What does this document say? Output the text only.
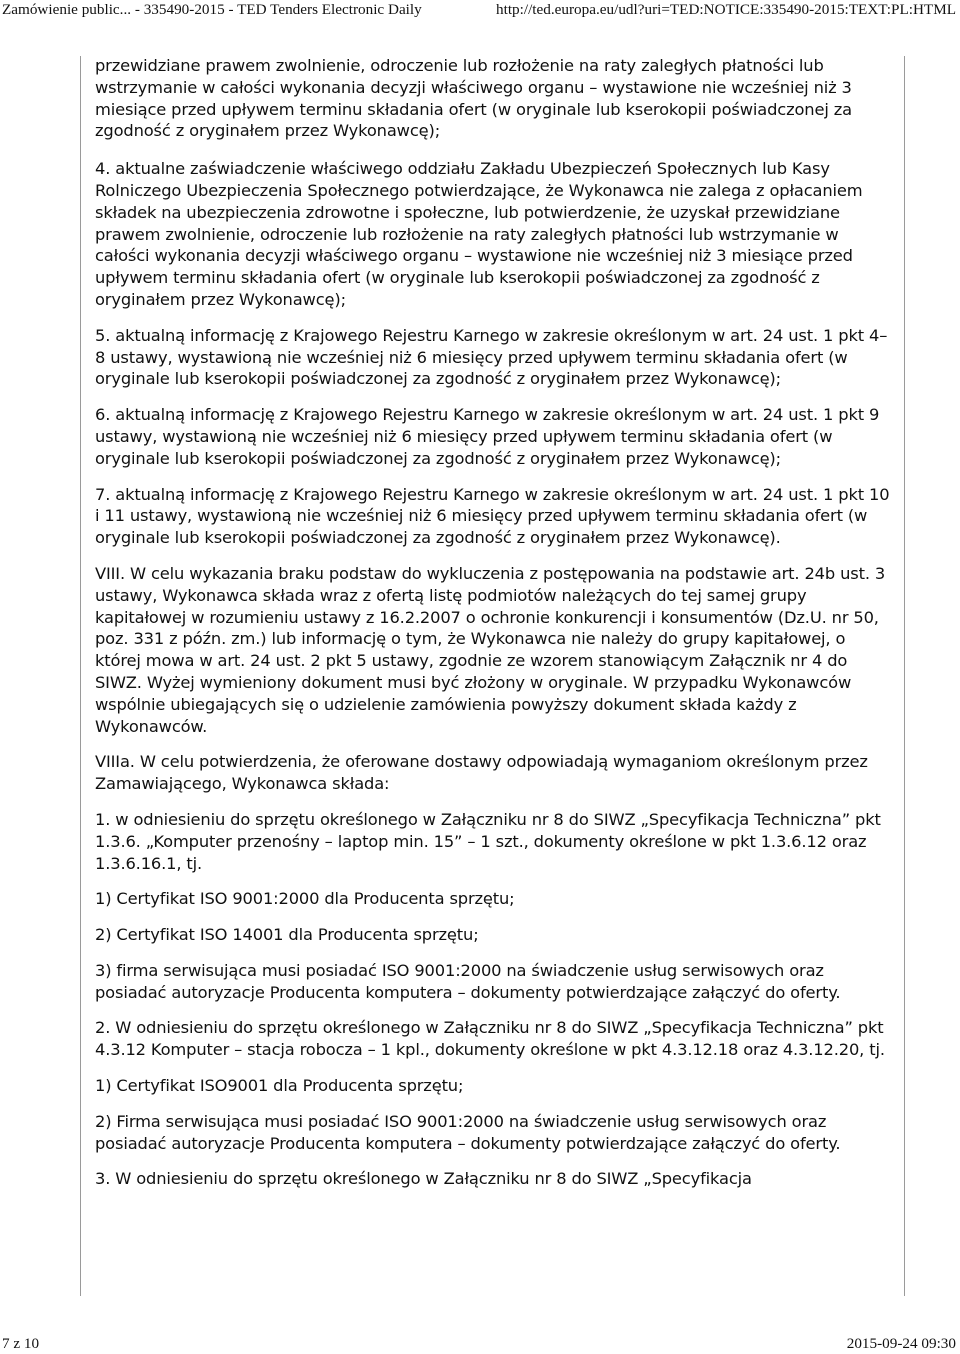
Zamówienie public... - 335490-2015 - TED Tenders Electronic Daily	http://ted.europa.eu/udl?uri=TED:NOTICE:335490-2015:TEXT:PL:HTML

przewidziane prawem zwolnienie, odroczenie lub rozłożenie na raty zaległych płatności lub wstrzymanie w całości wykonania decyzji właściwego organu – wystawione nie wcześniej niż 3 miesiące przed upływem terminu składania ofert (w oryginale lub kserokopii poświadczonej za zgodność z oryginałem przez Wykonawcę);

4. aktualne zaświadczenie właściwego oddziału Zakładu Ubezpieczeń Społecznych lub Kasy Rolniczego Ubezpieczenia Społecznego potwierdzające, że Wykonawca nie zalega z opłacaniem składek na ubezpieczenia zdrowotne i społeczne, lub potwierdzenie, że uzyskał przewidziane prawem zwolnienie, odroczenie lub rozłożenie na raty zaległych płatności lub wstrzymanie w całości wykonania decyzji właściwego organu – wystawione nie wcześniej niż 3 miesiące przed upływem terminu składania ofert (w oryginale lub kserokopii poświadczonej za zgodność z oryginałem przez Wykonawcę);

5. aktualną informację z Krajowego Rejestru Karnego w zakresie określonym w art. 24 ust. 1 pkt 4–8 ustawy, wystawioną nie wcześniej niż 6 miesięcy przed upływem terminu składania ofert (w oryginale lub kserokopii poświadczonej za zgodność z oryginałem przez Wykonawcę);

6. aktualną informację z Krajowego Rejestru Karnego w zakresie określonym w art. 24 ust. 1 pkt 9 ustawy, wystawioną nie wcześniej niż 6 miesięcy przed upływem terminu składania ofert (w oryginale lub kserokopii poświadczonej za zgodność z oryginałem przez Wykonawcę);

7. aktualną informację z Krajowego Rejestru Karnego w zakresie określonym w art. 24 ust. 1 pkt 10 i 11 ustawy, wystawioną nie wcześniej niż 6 miesięcy przed upływem terminu składania ofert (w oryginale lub kserokopii poświadczonej za zgodność z oryginałem przez Wykonawcę).

VIII. W celu wykazania braku podstaw do wykluczenia z postępowania na podstawie art. 24b ust. 3 ustawy, Wykonawca składa wraz z ofertą listę podmiotów należących do tej samej grupy kapitałowej w rozumieniu ustawy z 16.2.2007 o ochronie konkurencji i konsumentów (Dz.U. nr 50, poz. 331 z późn. zm.) lub informację o tym, że Wykonawca nie należy do grupy kapitałowej, o której mowa w art. 24 ust. 2 pkt 5 ustawy, zgodnie ze wzorem stanowiącym Załącznik nr 4 do SIWZ. Wyżej wymieniony dokument musi być złożony w oryginale. W przypadku Wykonawców wspólnie ubiegających się o udzielenie zamówienia powyższy dokument składa każdy z Wykonawców.

VIIIa. W celu potwierdzenia, że oferowane dostawy odpowiadają wymaganiom określonym przez Zamawiającego, Wykonawca składa:

1. w odniesieniu do sprzętu określonego w Załączniku nr 8 do SIWZ „Specyfikacja Techniczna” pkt 1.3.6. „Komputer przenośny – laptop min. 15” – 1 szt., dokumenty określone w pkt 1.3.6.12 oraz 1.3.6.16.1, tj.

1) Certyfikat ISO 9001:2000 dla Producenta sprzętu;

2) Certyfikat ISO 14001 dla Producenta sprzętu;

3) firma serwisująca musi posiadać ISO 9001:2000 na świadczenie usług serwisowych oraz posiadać autoryzacje Producenta komputera – dokumenty potwierdzające załączyć do oferty.

2. W odniesieniu do sprzętu określonego w Załączniku nr 8 do SIWZ „Specyfikacja Techniczna” pkt 4.3.12 Komputer – stacja robocza – 1 kpl., dokumenty określone w pkt 4.3.12.18 oraz 4.3.12.20, tj.

1) Certyfikat ISO9001 dla Producenta sprzętu;

2) Firma serwisująca musi posiadać ISO 9001:2000 na świadczenie usług serwisowych oraz posiadać autoryzacje Producenta komputera – dokumenty potwierdzające załączyć do oferty.

3. W odniesieniu do sprzętu określonego w Załączniku nr 8 do SIWZ „Specyfikacja

7 z 10	2015-09-24 09:30
